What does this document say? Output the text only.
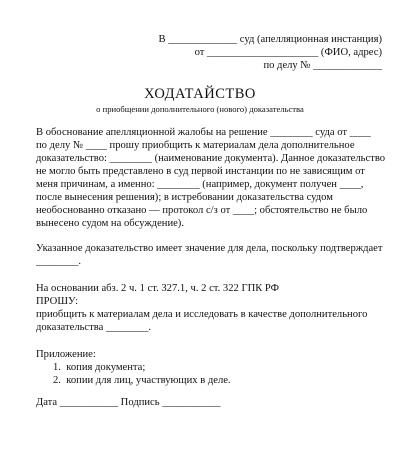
В _____________ суд (апелляционная инстанция)
от _____________________ (ФИО, адрес)
по делу № _____________
ХОДАТАЙСТВО
о приобщении дополнительного (нового) доказательства
В обоснование апелляционной жалобы на решение ________ суда от ____
по делу № ____ прошу приобщить к материалам дела дополнительное
доказательство: ________ (наименование документа). Данное доказательство
не могло быть представлено в суд первой инстанции по не зависящим от
меня причинам, а именно: ________ (например, документ получен ____,
после вынесения решения); в истребовании доказательства судом
необоснованно отказано — протокол с/з от ____; обстоятельство не было
вынесено судом на обсуждение).
Указанное доказательство имеет значение для дела, поскольку подтверждает
________.
На основании абз. 2 ч. 1 ст. 327.1, ч. 2 ст. 322 ГПК РФ
ПРОШУ:
приобщить к материалам дела и исследовать в качестве дополнительного
доказательства ________.
Приложение:
1.  копия документа;
2.  копии для лиц, участвующих в деле.
Дата ___________ Подпись ___________
